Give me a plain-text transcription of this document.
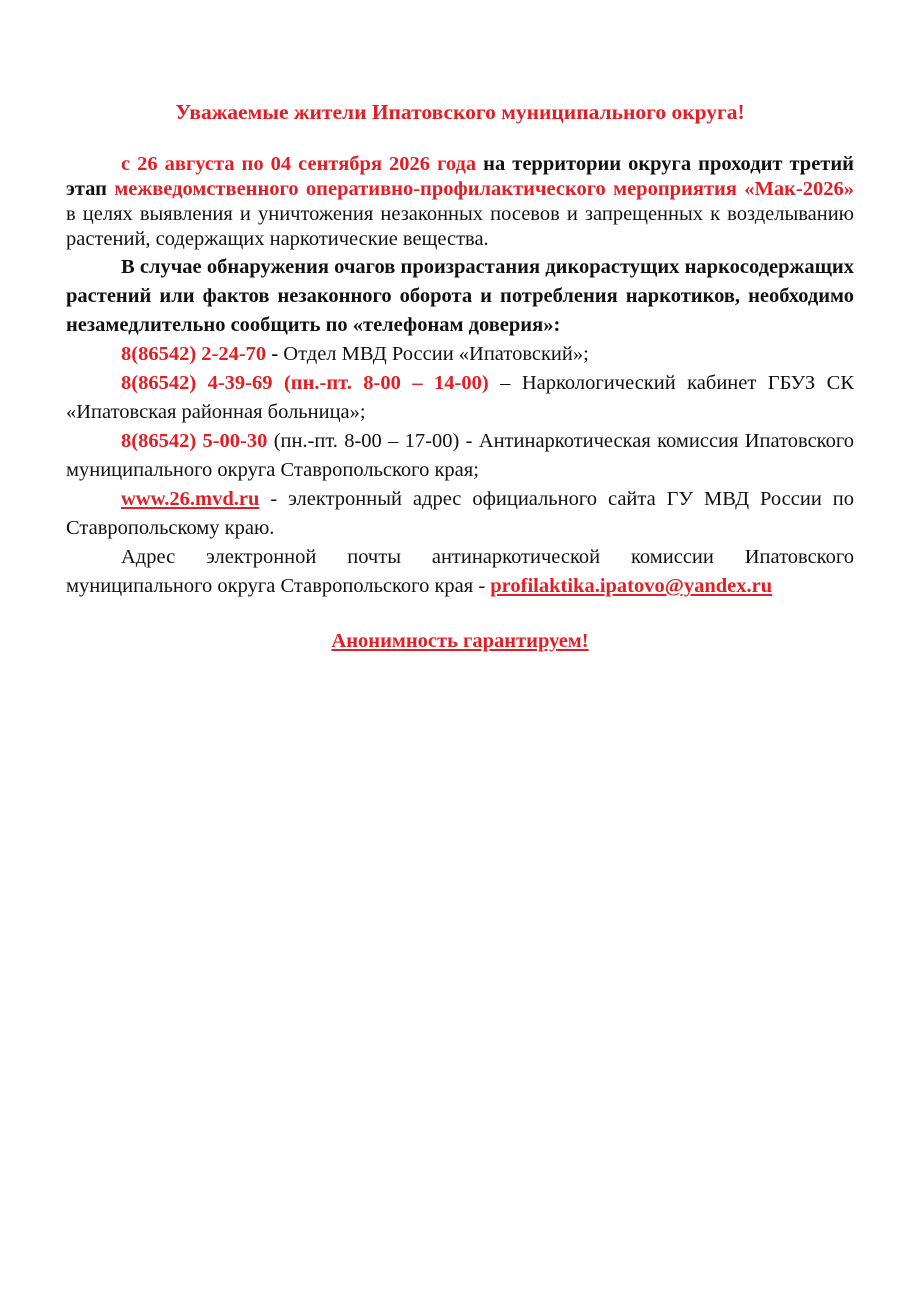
Уважаемые жители Ипатовского муниципального округа!

с 26 августа по 04 сентября 2026 года на территории округа проходит третий этап межведомственного оперативно-профилактического мероприятия «Мак-2026» в целях выявления и уничтожения незаконных посевов и запрещенных к возделыванию растений, содержащих наркотические вещества.

В случае обнаружения очагов произрастания дикорастущих наркосодержащих растений или фактов незаконного оборота и потребления наркотиков, необходимо незамедлительно сообщить по «телефонам доверия»:

8(86542) 2-24-70 - Отдел МВД России «Ипатовский»;

8(86542) 4-39-69 (пн.-пт. 8-00 – 14-00) – Наркологический кабинет ГБУЗ СК «Ипатовская районная больница»;

8(86542) 5-00-30 (пн.-пт. 8-00 – 17-00) - Антинаркотическая комиссия Ипатовского муниципального округа Ставропольского края;

www.26.mvd.ru - электронный адрес официального сайта ГУ МВД России по Ставропольскому краю.

Адрес электронной почты антинаркотической комиссии Ипатовского муниципального округа Ставропольского края - profilaktika.ipatovo@yandex.ru

Анонимность гарантируем!
